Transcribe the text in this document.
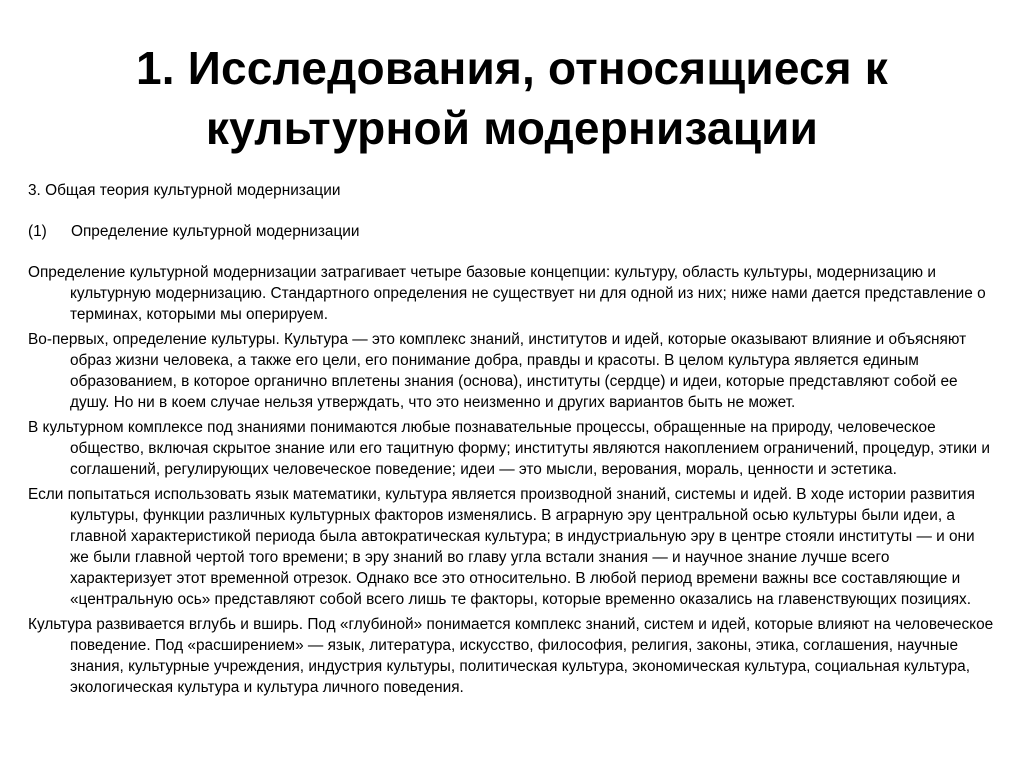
1. Исследования, относящиеся к культурной модернизации

3. Общая теория культурной модернизации

(1)	Определение культурной модернизации

Определение культурной модернизации затрагивает четыре базовые концепции: культуру, область культуры, модернизацию и культурную модернизацию. Стандартного определения не существует ни для одной из них; ниже нами дается представление о терминах, которыми мы оперируем.

Во-первых, определение культуры. Культура — это комплекс знаний, институтов и идей, которые оказывают влияние и объясняют образ жизни человека, а также его цели, его понимание добра, правды и красоты. В целом культура является единым образованием, в которое органично вплетены знания (основа), институты (сердце) и идеи, которые представляют собой ее душу. Но ни в коем случае нельзя утверждать, что это неизменно и других вариантов быть не может.

В культурном комплексе под знаниями понимаются любые познавательные процессы, обращенные на природу, человеческое общество, включая скрытое знание или его тацитную форму; институты являются накоплением ограничений, процедур, этики и соглашений, регулирующих человеческое поведение; идеи — это мысли, верования, мораль, ценности и эстетика.

Если попытаться использовать язык математики, культура является производной знаний, системы и идей. В ходе истории развития культуры, функции различных культурных факторов изменялись. В аграрную эру центральной осью культуры были идеи, а главной характеристикой периода была автократическая культура; в индустриальную эру в центре стояли институты — и они же были главной чертой того времени; в эру знаний во главу угла встали знания — и научное знание лучше всего характеризует этот временной отрезок. Однако все это относительно. В любой период времени важны все составляющие и «центральную ось» представляют собой всего лишь те факторы, которые временно оказались на главенствующих позициях.

Культура развивается вглубь и вширь. Под «глубиной» понимается комплекс знаний, систем и идей, которые влияют на человеческое поведение. Под «расширением» — язык, литература, искусство, философия, религия, законы, этика, соглашения, научные знания, культурные учреждения, индустрия культуры, политическая культура, экономическая культура, социальная культура, экологическая культура и культура личного поведения.
